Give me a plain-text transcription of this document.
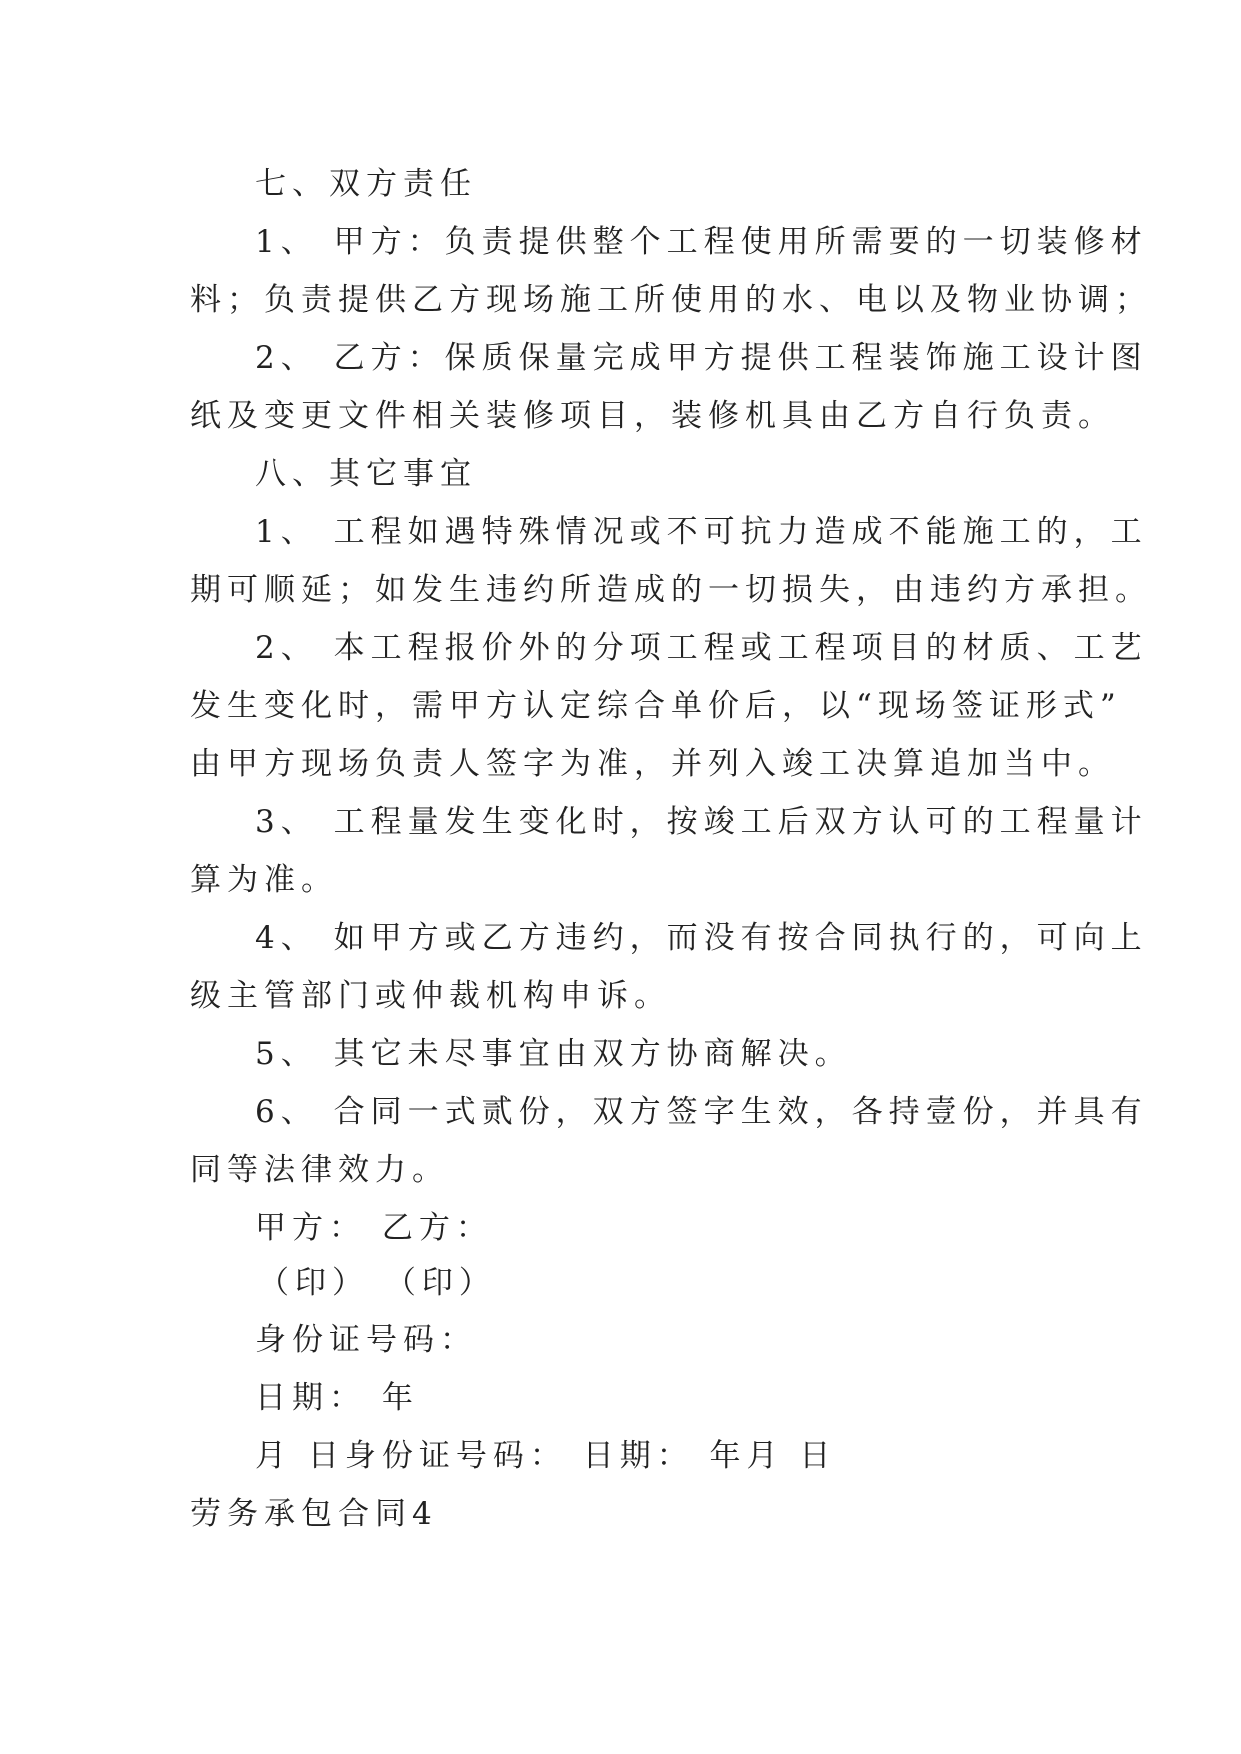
七、双方责任
1、 甲方：负责提供整个工程使用所需要的一切装修材
料；负责提供乙方现场施工所使用的水、电以及物业协调；
2、 乙方：保质保量完成甲方提供工程装饰施工设计图
纸及变更文件相关装修项目，装修机具由乙方自行负责。
八、其它事宜
1、 工程如遇特殊情况或不可抗力造成不能施工的，工
期可顺延；如发生违约所造成的一切损失，由违约方承担。
2、 本工程报价外的分项工程或工程项目的材质、工艺
发生变化时，需甲方认定综合单价后，以“现场签证形式”
由甲方现场负责人签字为准，并列入竣工决算追加当中。
3、 工程量发生变化时，按竣工后双方认可的工程量计
算为准。
4、 如甲方或乙方违约，而没有按合同执行的，可向上
级主管部门或仲裁机构申诉。
5、 其它未尽事宜由双方协商解决。
6、 合同一式贰份，双方签字生效，各持壹份，并具有
同等法律效力。
甲方： 乙方：
（印） （印）
身份证号码：
日期： 年
月 日身份证号码： 日期： 年月 日
劳务承包合同4
